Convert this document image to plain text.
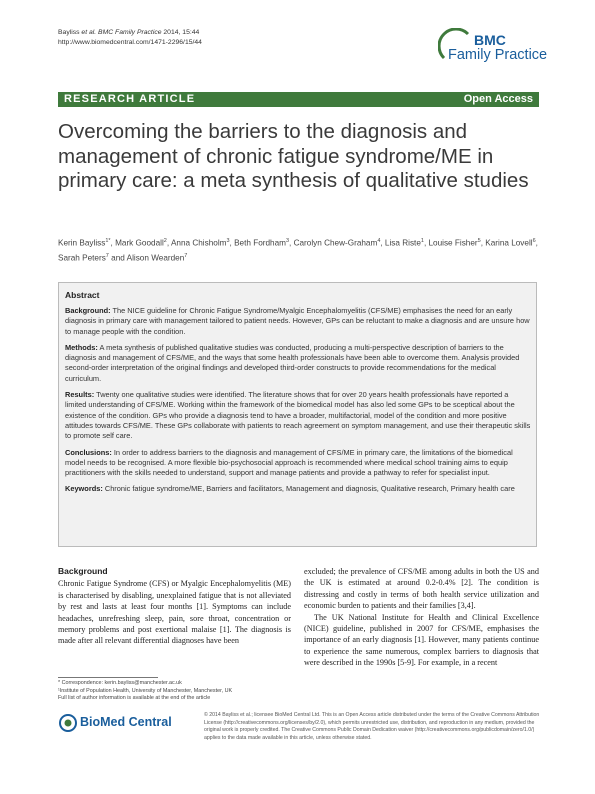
Bayliss et al. BMC Family Practice 2014, 15:44
http://www.biomedcentral.com/1471-2296/15/44	BMC
Family Practice
RESEARCH ARTICLE	Open Access
Overcoming the barriers to the diagnosis and management of chronic fatigue syndrome/ME in primary care: a meta synthesis of qualitative studies
Kerin Bayliss$^{1*}$, Mark Goodall$^2$, Anna Chisholm$^3$, Beth Fordham$^3$, Carolyn Chew-Graham$^4$, Lisa Riste$^1$, Louise Fisher$^5$, Karina Lovell$^6$, Sarah Peters$^7$ and Alison Wearden$^7$
Abstract

Background: The NICE guideline for Chronic Fatigue Syndrome/Myalgic Encephalomyelitis (CFS/ME) emphasises the need for an early diagnosis in primary care with management tailored to patient needs. However, GPs can be reluctant to make a diagnosis and are unsure how to manage people with the condition.

Methods: A meta synthesis of published qualitative studies was conducted, producing a multi-perspective description of barriers to the diagnosis and management of CFS/ME, and the ways that some health professionals have been able to overcome them. Analysis provided second-order interpretation of the original findings and developed third-order constructs to provide recommendations for the medical curriculum.

Results: Twenty one qualitative studies were identified. The literature shows that for over 20 years health professionals have reported a limited understanding of CFS/ME. Working within the framework of the biomedical model has also led some GPs to be sceptical about the existence of the condition. GPs who provide a diagnosis tend to have a broader, multifactorial, model of the condition and more positive attitudes towards CFS/ME. These GPs collaborate with patients to reach agreement on symptom management, and use their therapeutic skills to promote self care.

Conclusions: In order to address barriers to the diagnosis and management of CFS/ME in primary care, the limitations of the biomedical model needs to be recognised. A more flexible bio-psychosocial approach is recommended where medical school training aims to equip practitioners with the skills needed to understand, support and manage patients and provide a pathway to refer for specialist input.

Keywords: Chronic fatigue syndrome/ME, Barriers and facilitators, Management and diagnosis, Qualitative research, Primary health care

Background

Chronic Fatigue Syndrome (CFS) or Myalgic Encephalomyelitis (ME) is characterised by disabling, unexplained fatigue that is not alleviated by rest and lasts at least four months [1]. Symptoms can include headaches, unrefreshing sleep, pain, sore throat, concentration or memory problems and post exertional malaise [1]. The diagnosis is made after all relevant differential diagnoses have been

excluded; the prevalence of CFS/ME among adults in both the US and the UK is estimated at around 0.2-0.4% [2]. The condition is distressing and costly in terms of both health service utilization and economic burden to patients and their families [3,4].

The UK National Institute for Health and Clinical Excellence (NICE) guideline, published in 2007 for CFS/ME, emphasises the importance of an early diagnosis [1]. However, many patients continue to experience the same numerous, complex barriers to diagnosis that were described in the 1990s [5-9]. For example, in a recent

* Correspondence: kerin.bayliss@manchester.ac.uk
¹Institute of Population Health, University of Manchester, Manchester, UK
Full list of author information is available at the end of the article
BioMed Central	© 2014 Bayliss et al.; licensee BioMed Central Ltd. This is an Open Access article distributed under the terms of the Creative Commons Attribution License (http://creativecommons.org/licenses/by/2.0), which permits unrestricted use, distribution, and reproduction in any medium, provided the original work is properly credited. The Creative Commons Public Domain Dedication waiver (http://creativecommons.org/publicdomain/zero/1.0/) applies to the data made available in this article, unless otherwise stated.
